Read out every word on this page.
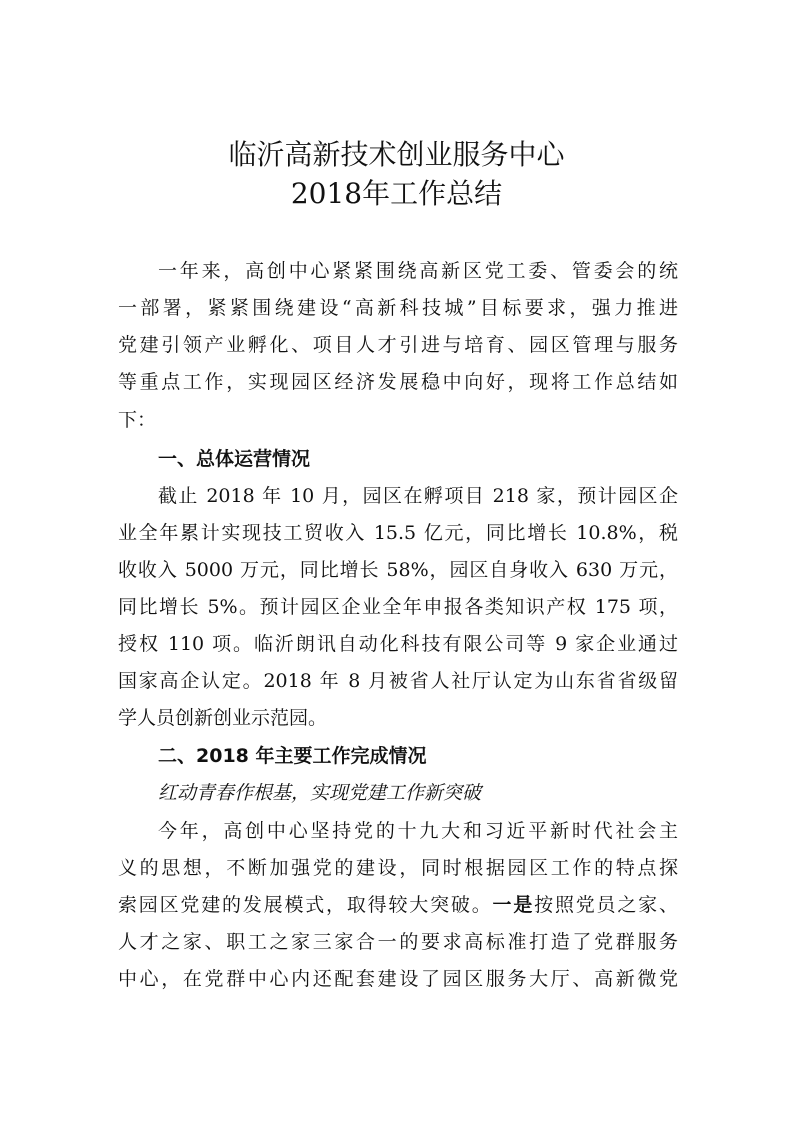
临沂高新技术创业服务中心
2018年工作总结
一年来，高创中心紧紧围绕高新区党工委、管委会的统
一部署，紧紧围绕建设“高新科技城”目标要求，强力推进
党建引领产业孵化、项目人才引进与培育、园区管理与服务
等重点工作，实现园区经济发展稳中向好，现将工作总结如
下：
一、总体运营情况
截止 2018 年 10 月，园区在孵项目 218 家，预计园区企
业全年累计实现技工贸收入 15.5 亿元，同比增长 10.8%，税
收收入 5000 万元，同比增长 58%，园区自身收入 630 万元，
同比增长 5%。预计园区企业全年申报各类知识产权 175 项，
授权 110 项。临沂朗讯自动化科技有限公司等 9 家企业通过
国家高企认定。2018 年 8 月被省人社厅认定为山东省省级留
学人员创新创业示范园。
二、2018 年主要工作完成情况
红动青春作根基，实现党建工作新突破
今年，高创中心坚持党的十九大和习近平新时代社会主
义的思想，不断加强党的建设，同时根据园区工作的特点探
索园区党建的发展模式，取得较大突破。一是按照党员之家、
人才之家、职工之家三家合一的要求高标准打造了党群服务
中心，在党群中心内还配套建设了园区服务大厅、高新微党
